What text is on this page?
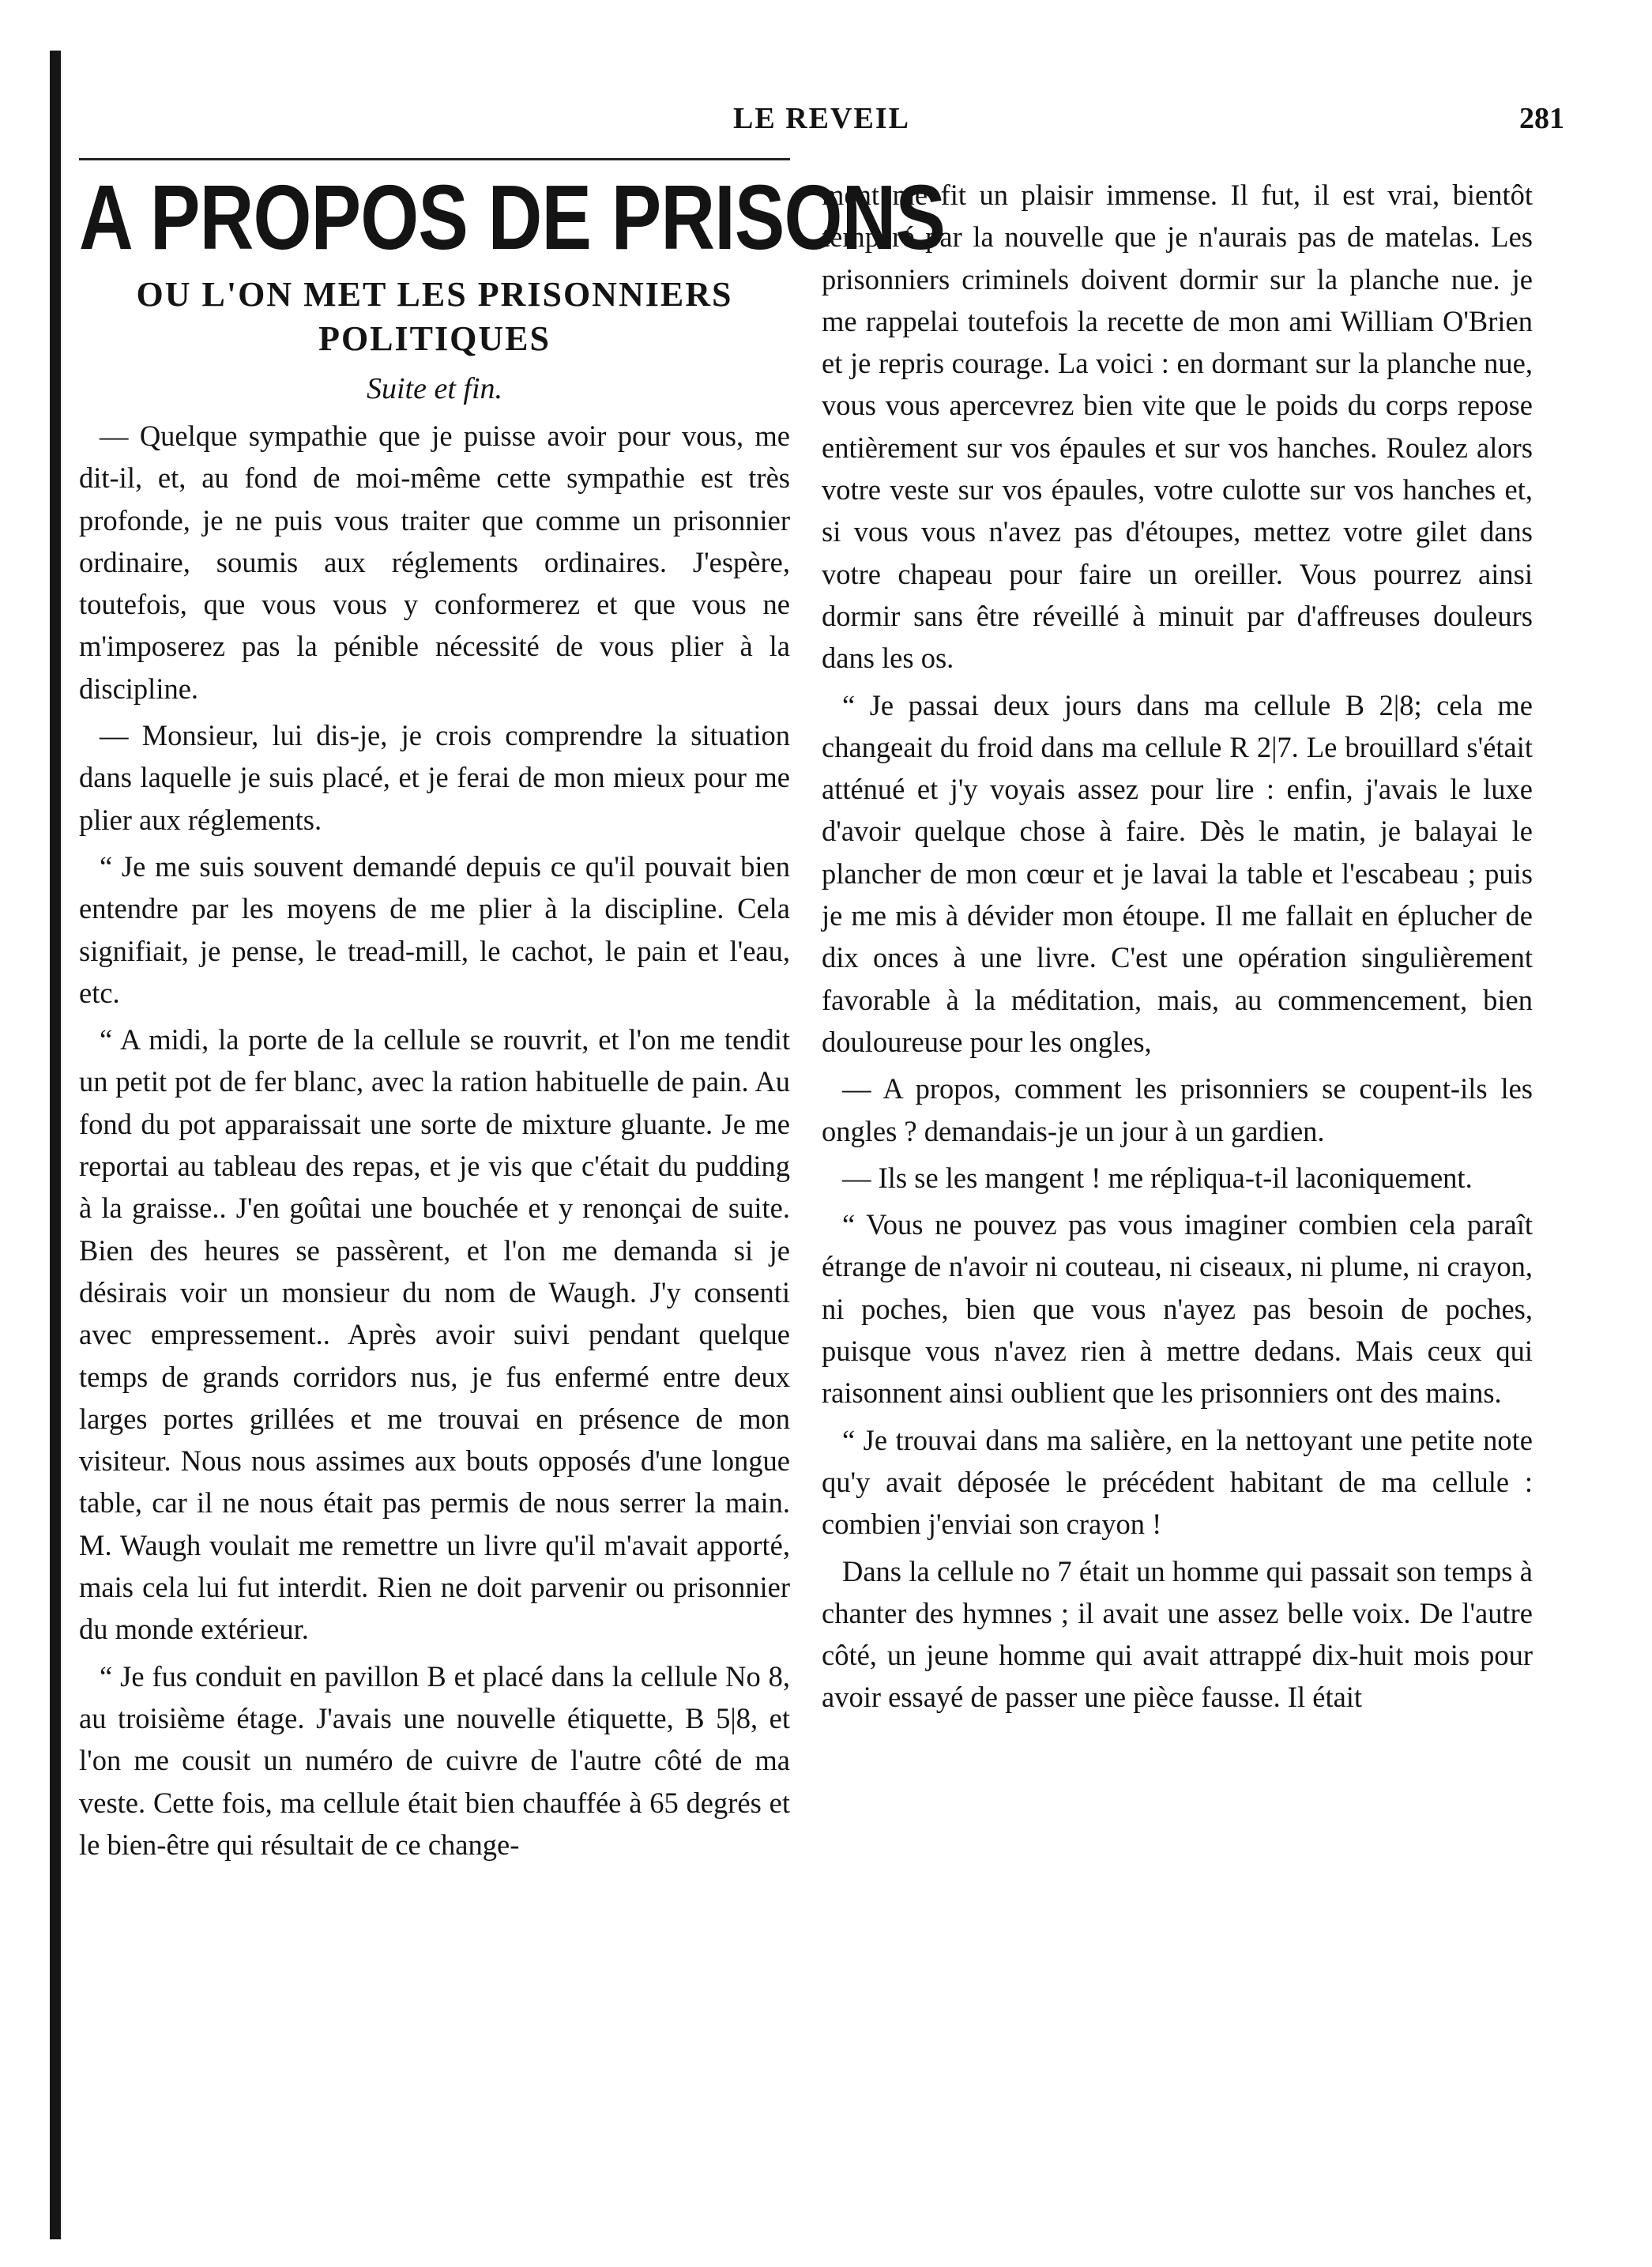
LE REVEIL	281
A PROPOS DE PRISONS
OU L'ON MET LES PRISONNIERS POLITIQUES
Suite et fin.

— Quelque sympathie que je puisse avoir pour vous, me dit-il, et, au fond de moi-même cette sympathie est très profonde, je ne puis vous traiter que comme un prisonnier ordinaire, soumis aux réglements ordinaires. J'espère, toutefois, que vous vous y conformerez et que vous ne m'imposerez pas la pénible nécessité de vous plier à la discipline.

— Monsieur, lui dis-je, je crois comprendre la situation dans laquelle je suis placé, et je ferai de mon mieux pour me plier aux réglements.

“ Je me suis souvent demandé depuis ce qu'il pouvait bien entendre par les moyens de me plier à la discipline. Cela signifiait, je pense, le tread-mill, le cachot, le pain et l'eau, etc.

“ A midi, la porte de la cellule se rouvrit, et l'on me tendit un petit pot de fer blanc, avec la ration habituelle de pain. Au fond du pot apparaissait une sorte de mixture gluante. Je me reportai au tableau des repas, et je vis que c'était du pudding à la graisse.. J'en goûtai une bouchée et y renonçai de suite. Bien des heures se passèrent, et l'on me demanda si je désirais voir un monsieur du nom de Waugh. J'y consenti avec empressement.. Après avoir suivi pendant quelque temps de grands corridors nus, je fus enfermé entre deux larges portes grillées et me trouvai en présence de mon visiteur. Nous nous assimes aux bouts opposés d'une longue table, car il ne nous était pas permis de nous serrer la main. M. Waugh voulait me remettre un livre qu'il m'avait apporté, mais cela lui fut interdit. Rien ne doit parvenir ou prisonnier du monde extérieur.

“ Je fus conduit en pavillon B et placé dans la cellule No 8, au troisième étage. J'avais une nouvelle étiquette, B 5|8, et l'on me cousit un numéro de cuivre de l'autre côté de ma veste. Cette fois, ma cellule était bien chauffée à 65 degrés et le bien-être qui résultait de ce change-

ment me fit un plaisir immense. Il fut, il est vrai, bientôt tempéré par la nouvelle que je n'aurais pas de matelas. Les prisonniers criminels doivent dormir sur la planche nue. je me rappelai toutefois la recette de mon ami William O'Brien et je repris courage. La voici : en dormant sur la planche nue, vous vous apercevrez bien vite que le poids du corps repose entièrement sur vos épaules et sur vos hanches. Roulez alors votre veste sur vos épaules, votre culotte sur vos hanches et, si vous vous n'avez pas d'étoupes, mettez votre gilet dans votre chapeau pour faire un oreiller. Vous pourrez ainsi dormir sans être réveillé à minuit par d'affreuses douleurs dans les os.

“ Je passai deux jours dans ma cellule B 2|8; cela me changeait du froid dans ma cellule R 2|7. Le brouillard s'était atténué et j'y voyais assez pour lire : enfin, j'avais le luxe d'avoir quelque chose à faire. Dès le matin, je balayai le plancher de mon cœur et je lavai la table et l'escabeau ; puis je me mis à dévider mon étoupe. Il me fallait en éplucher de dix onces à une livre. C'est une opération singulièrement favorable à la méditation, mais, au commencement, bien douloureuse pour les ongles,

— A propos, comment les prisonniers se coupent-ils les ongles ? demandais-je un jour à un gardien.

— Ils se les mangent ! me répliqua-t-il laconiquement.

“ Vous ne pouvez pas vous imaginer combien cela paraît étrange de n'avoir ni couteau, ni ciseaux, ni plume, ni crayon, ni poches, bien que vous n'ayez pas besoin de poches, puisque vous n'avez rien à mettre dedans. Mais ceux qui raisonnent ainsi oublient que les prisonniers ont des mains.

“ Je trouvai dans ma salière, en la nettoyant une petite note qu'y avait déposée le précédent habitant de ma cellule : combien j'enviai son crayon !

Dans la cellule no 7 était un homme qui passait son temps à chanter des hymnes ; il avait une assez belle voix. De l'autre côté, un jeune homme qui avait attrappé dix-huit mois pour avoir essayé de passer une pièce fausse. Il était
